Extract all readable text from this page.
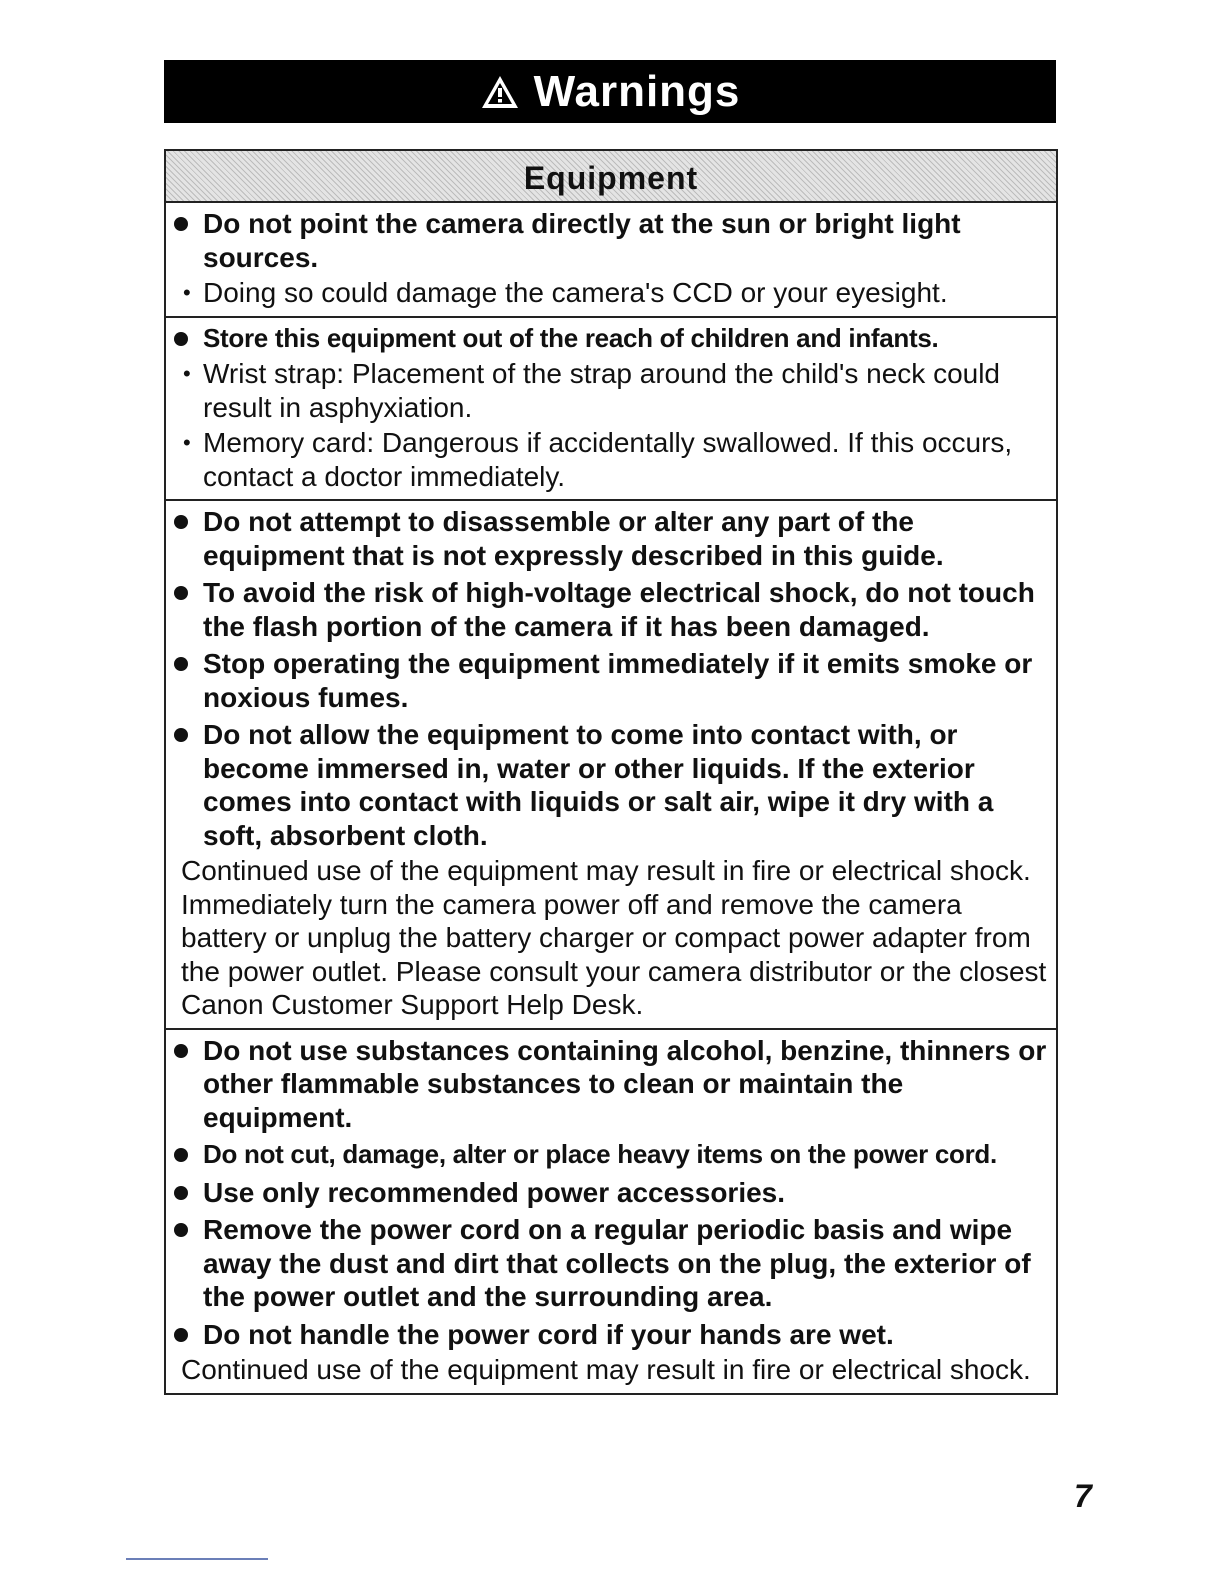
Warnings
Equipment

Do not point the camera directly at the sun or bright light sources.

• Doing so could damage the camera's CCD or your eyesight.

Store this equipment out of the reach of children and infants.

• Wrist strap: Placement of the strap around the child's neck could result in asphyxiation.

• Memory card: Dangerous if accidentally swallowed. If this occurs, contact a doctor immediately.

Do not attempt to disassemble or alter any part of the equipment that is not expressly described in this guide.

To avoid the risk of high-voltage electrical shock, do not touch the flash portion of the camera if it has been damaged.

Stop operating the equipment immediately if it emits smoke or noxious fumes.

Do not allow the equipment to come into contact with, or become immersed in, water or other liquids. If the exterior comes into contact with liquids or salt air, wipe it dry with a soft, absorbent cloth.

Continued use of the equipment may result in fire or electrical shock. Immediately turn the camera power off and remove the camera battery or unplug the battery charger or compact power adapter from the power outlet. Please consult your camera distributor or the closest Canon Customer Support Help Desk.

Do not use substances containing alcohol, benzine, thinners or other flammable substances to clean or maintain the equipment.

Do not cut, damage, alter or place heavy items on the power cord.

Use only recommended power accessories.

Remove the power cord on a regular periodic basis and wipe away the dust and dirt that collects on the plug, the exterior of the power outlet and the surrounding area.

Do not handle the power cord if your hands are wet.

Continued use of the equipment may result in fire or electrical shock.

7
